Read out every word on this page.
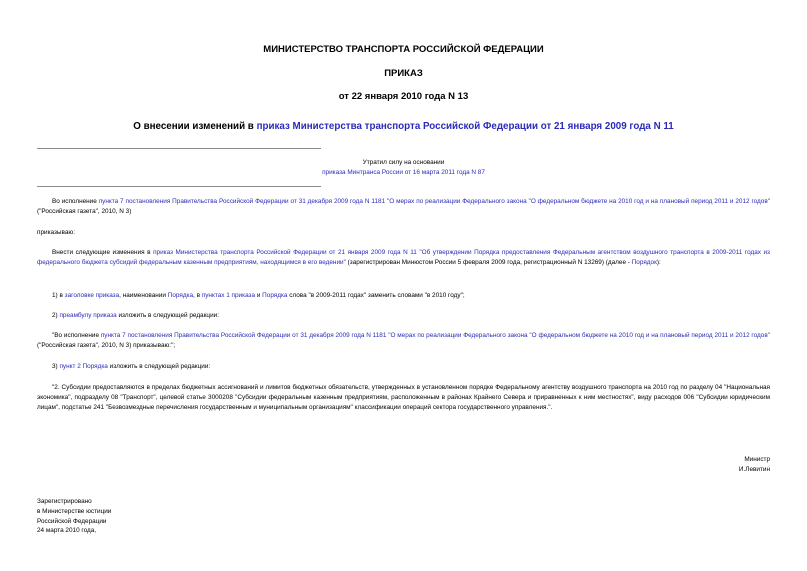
МИНИСТЕРСТВО ТРАНСПОРТА РОССИЙСКОЙ ФЕДЕРАЦИИ

ПРИКАЗ

от 22 января 2010 года N 13

О внесении изменений в приказ Министерства транспорта Российской Федерации от 21 января 2009 года N 11

Утратил силу на основании
приказа Минтранса России от 16 марта 2011 года N 87

Во исполнение пункта 7 постановления Правительства Российской Федерации от 31 декабря 2009 года N 1181 "О мерах по реализации Федерального закона "О федеральном бюджете на 2010 год и на плановый период 2011 и 2012 годов" ("Российская газета", 2010, N 3)

приказываю:

Внести следующие изменения в приказ Министерства транспорта Российской Федерации от 21 января 2009 года N 11 "Об утверждении Порядка предоставления Федеральным агентством воздушного транспорта в 2009-2011 годах из федерального бюджета субсидий федеральным казенным предприятиям, находящимся в его ведении" (зарегистрирован Минюстом России 5 февраля 2009 года, регистрационный N 13269) (далее - Порядок):

1) в заголовке приказа, наименовании Порядка, в пунктах 1 приказа и Порядка слова "в 2009-2011 годах" заменить словами "в 2010 году";

2) преамбулу приказа изложить в следующей редакции:

"Во исполнение пункта 7 постановления Правительства Российской Федерации от 31 декабря 2009 года N 1181 "О мерах по реализации Федерального закона "О федеральном бюджете на 2010 год и на плановый период 2011 и 2012 годов" ("Российская газета", 2010, N 3) приказываю:";

3) пункт 2 Порядка изложить в следующей редакции:

"2. Субсидии предоставляются в пределах бюджетных ассигнований и лимитов бюджетных обязательств, утвержденных в установленном порядке Федеральному агентству воздушного транспорта на 2010 год по разделу 04 "Национальная экономика", подразделу 08 "Транспорт", целевой статье 3000208 "Субсидии федеральным казенным предприятиям, расположенным в районах Крайнего Севера и приравненных к ним местностях", виду расходов 006 "Субсидии юридическим лицам", подстатье 241 "Безвозмездные перечисления государственным и муниципальным организациям" классификации операций сектора государственного управления.".

Министр
И.Левитин
Зарегистрировано
в Министерстве юстиции
Российской Федерации
24 марта 2010 года,
